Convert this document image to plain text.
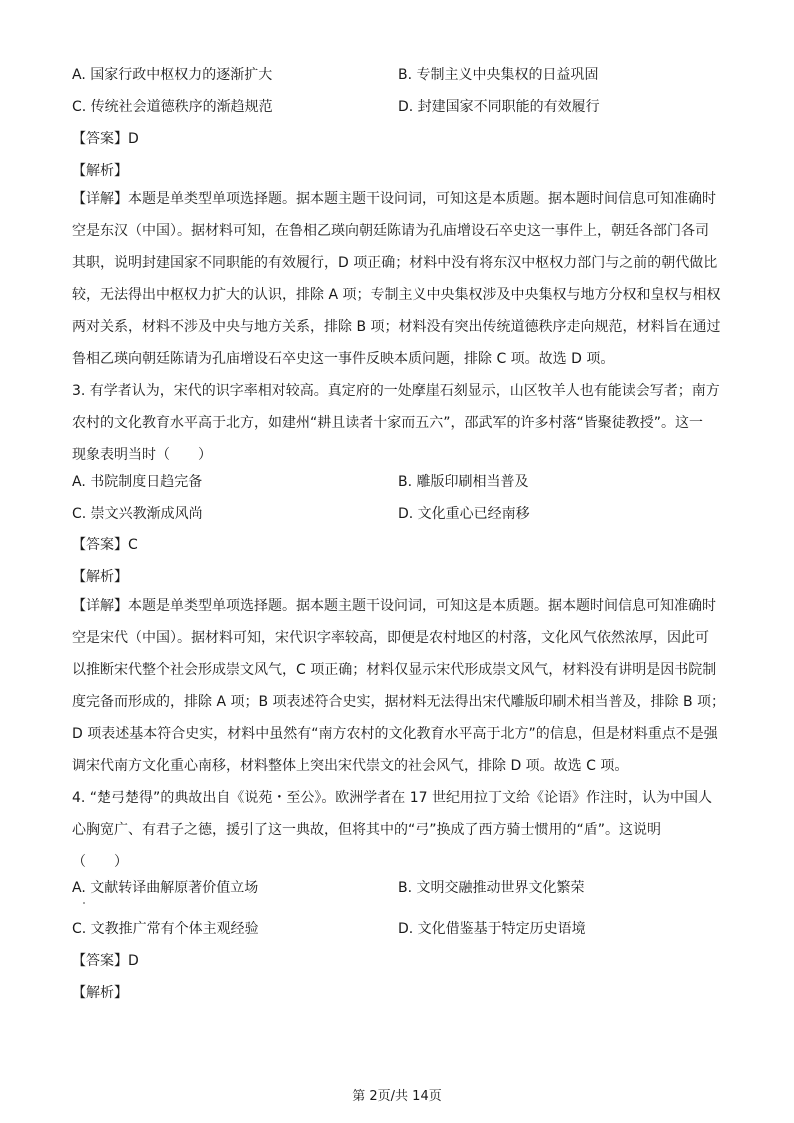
A. 国家行政中枢权力的逐渐扩大	B. 专制主义中央集权的日益巩固
C. 传统社会道德秩序的渐趋规范	D. 封建国家不同职能的有效履行
【答案】D
【解析】
【详解】本题是单类型单项选择题。据本题主题干设问词，可知这是本质题。据本题时间信息可知准确时
空是东汉（中国）。据材料可知，在鲁相乙瑛向朝廷陈请为孔庙增设石卒史这一事件上，朝廷各部门各司
其职，说明封建国家不同职能的有效履行，D 项正确；材料中没有将东汉中枢权力部门与之前的朝代做比
较，无法得出中枢权力扩大的认识，排除 A 项；专制主义中央集权涉及中央集权与地方分权和皇权与相权
两对关系，材料不涉及中央与地方关系，排除 B 项；材料没有突出传统道德秩序走向规范，材料旨在通过
鲁相乙瑛向朝廷陈请为孔庙增设石卒史这一事件反映本质问题，排除 C 项。故选 D 项。
3. 有学者认为，宋代的识字率相对较高。真定府的一处摩崖石刻显示，山区牧羊人也有能读会写者；南方
农村的文化教育水平高于北方，如建州“耕且读者十家而五六”，邵武军的许多村落“皆聚徒教授”。这一
现象表明当时（　　）
A. 书院制度日趋完备	B. 雕版印刷相当普及
C. 崇文兴教渐成风尚	D. 文化重心已经南移
【答案】C
【解析】
【详解】本题是单类型单项选择题。据本题主题干设问词，可知这是本质题。据本题时间信息可知准确时
空是宋代（中国）。据材料可知，宋代识字率较高，即便是农村地区的村落，文化风气依然浓厚，因此可
以推断宋代整个社会形成崇文风气，C 项正确；材料仅显示宋代形成崇文风气，材料没有讲明是因书院制
度完备而形成的，排除 A 项；B 项表述符合史实，据材料无法得出宋代雕版印刷术相当普及，排除 B 项；
D 项表述基本符合史实，材料中虽然有“南方农村的文化教育水平高于北方”的信息，但是材料重点不是强
调宋代南方文化重心南移，材料整体上突出宋代崇文的社会风气，排除 D 项。故选 C 项。
4. “楚弓楚得”的典故出自《说苑・至公》。欧洲学者在 17 世纪用拉丁文给《论语》作注时，认为中国人
心胸宽广、有君子之德，援引了这一典故，但将其中的“弓”换成了西方骑士惯用的“盾”。这说明
（　　）
A. 文献转译曲解原著价值立场	B. 文明交融推动世界文化繁荣
C. 文教推广常有个体主观经验	D. 文化借鉴基于特定历史语境
【答案】D
【解析】
第 2页/共 14页
